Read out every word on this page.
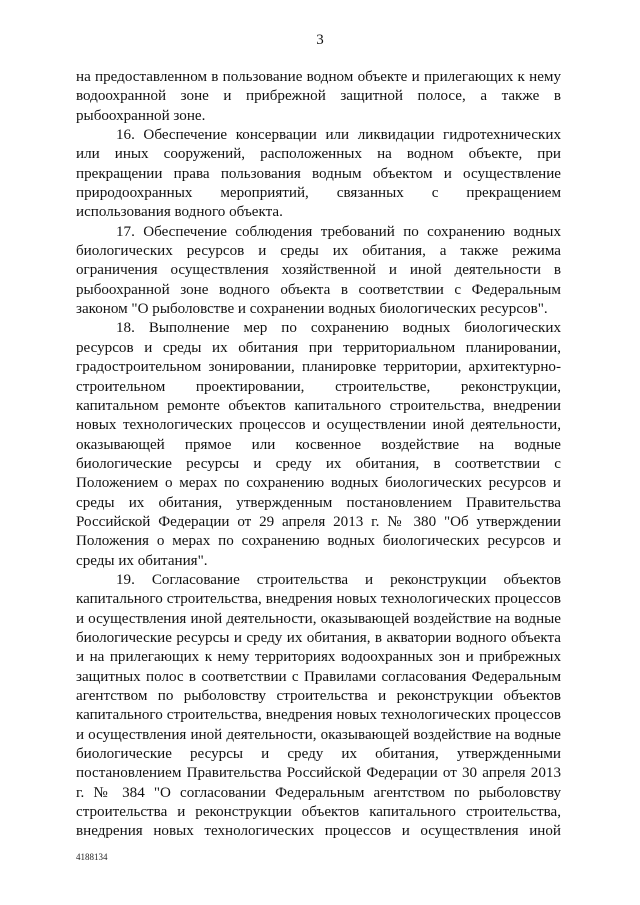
3

на предоставленном в пользование водном объекте и прилегающих к нему водоохранной зоне и прибрежной защитной полосе, а также в рыбоохранной зоне.

16. Обеспечение консервации или ликвидации гидротехнических или иных сооружений, расположенных на водном объекте, при прекращении права пользования водным объектом и осуществление природоохранных мероприятий, связанных с прекращением использования водного объекта.

17. Обеспечение соблюдения требований по сохранению водных биологических ресурсов и среды их обитания, а также режима ограничения осуществления хозяйственной и иной деятельности в рыбоохранной зоне водного объекта в соответствии с Федеральным законом "О рыболовстве и сохранении водных биологических ресурсов".

18. Выполнение мер по сохранению водных биологических ресурсов и среды их обитания при территориальном планировании, градостроительном зонировании, планировке территории, архитектурно-строительном проектировании, строительстве, реконструкции, капитальном ремонте объектов капитального строительства, внедрении новых технологических процессов и осуществлении иной деятельности, оказывающей прямое или косвенное воздействие на водные биологические ресурсы и среду их обитания, в соответствии с Положением о мерах по сохранению водных биологических ресурсов и среды их обитания, утвержденным постановлением Правительства Российской Федерации от 29 апреля 2013 г. № 380 "Об утверждении Положения о мерах по сохранению водных биологических ресурсов и среды их обитания".

19. Согласование строительства и реконструкции объектов капитального строительства, внедрения новых технологических процессов и осуществления иной деятельности, оказывающей воздействие на водные биологические ресурсы и среду их обитания, в акватории водного объекта и на прилегающих к нему территориях водоохранных зон и прибрежных защитных полос в соответствии с Правилами согласования Федеральным агентством по рыболовству строительства и реконструкции объектов капитального строительства, внедрения новых технологических процессов и осуществления иной деятельности, оказывающей воздействие на водные биологические ресурсы и среду их обитания, утвержденными постановлением Правительства Российской Федерации от 30 апреля 2013 г. № 384 "О согласовании Федеральным агентством по рыболовству строительства и реконструкции объектов капитального строительства, внедрения новых технологических процессов и осуществления иной

4188134
